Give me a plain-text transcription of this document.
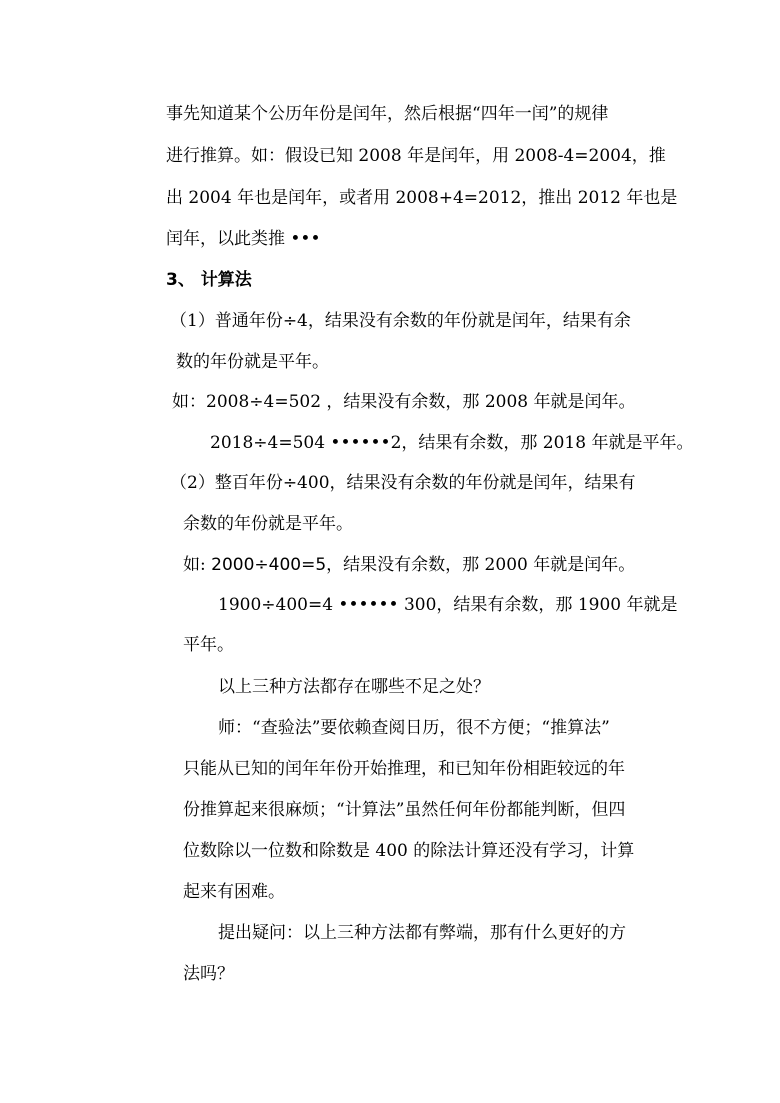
事先知道某个公历年份是闰年，然后根据“四年一闰”的规律
进行推算。如：假设已知 2008 年是闰年，用 2008-4=2004，推
出 2004 年也是闰年，或者用 2008+4=2012，推出 2012 年也是
闰年，以此类推 •••
3、 计算法
（1）普通年份÷4，结果没有余数的年份就是闰年，结果有余
数的年份就是平年。
如：2008÷4=502 ，结果没有余数，那 2008 年就是闰年。
2018÷4=504 ••••••2，结果有余数，那 2018 年就是平年。
（2）整百年份÷400，结果没有余数的年份就是闰年，结果有
余数的年份就是平年。
如: 2000÷400=5，结果没有余数，那 2000 年就是闰年。
1900÷400=4 •••••• 300，结果有余数，那 1900 年就是
平年。
以上三种方法都存在哪些不足之处？
师：“查验法”要依赖查阅日历，很不方便；“推算法”
只能从已知的闰年年份开始推理，和已知年份相距较远的年
份推算起来很麻烦；“计算法”虽然任何年份都能判断，但四
位数除以一位数和除数是 400 的除法计算还没有学习，计算
起来有困难。
提出疑问：以上三种方法都有弊端，那有什么更好的方
法吗？
